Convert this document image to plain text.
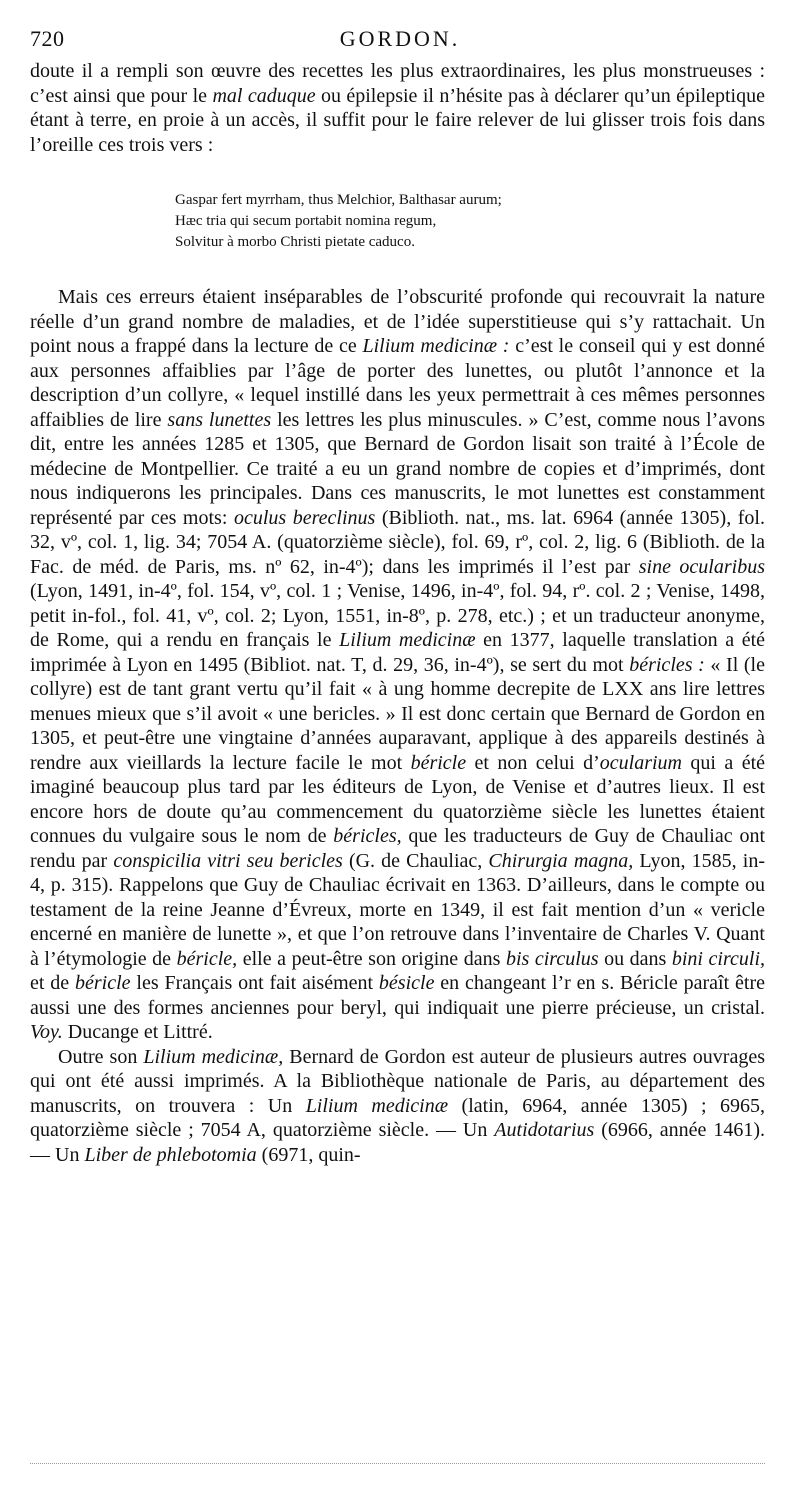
720	GORDON.

doute il a rempli son œuvre des recettes les plus extraordinaires, les plus monstrueuses : c’est ainsi que pour le mal caduque ou épilepsie il n’hésite pas à déclarer qu’un épileptique étant à terre, en proie à un accès, il suffit pour le faire relever de lui glisser trois fois dans l’oreille ces trois vers :

Gaspar fert myrrham, thus Melchior, Balthasar aurum;
Hæc tria qui secum portabit nomina regum,
Solvitur à morbo Christi pietate caduco.

Mais ces erreurs étaient inséparables de l’obscurité profonde qui recouvrait la nature réelle d’un grand nombre de maladies, et de l’idée superstitieuse qui s’y rattachait. Un point nous a frappé dans la lecture de ce Lilium medicinæ : c’est le conseil qui y est donné aux personnes affaiblies par l’âge de porter des lunettes, ou plutôt l’annonce et la description d’un collyre, « lequel instillé dans les yeux permettrait à ces mêmes personnes affaiblies de lire sans lunettes les lettres les plus minuscules. » C’est, comme nous l’avons dit, entre les années 1285 et 1305, que Bernard de Gordon lisait son traité à l’École de médecine de Montpellier. Ce traité a eu un grand nombre de copies et d’imprimés, dont nous indiquerons les principales. Dans ces manuscrits, le mot lunettes est constamment représenté par ces mots: oculus bereclinus (Biblioth. nat., ms. lat. 6964 (année 1305), fol. 32, vº, col. 1, lig. 34; 7054 A. (quatorzième siècle), fol. 69, rº, col. 2, lig. 6 (Biblioth. de la Fac. de méd. de Paris, ms. nº 62, in-4º); dans les imprimés il l’est par sine ocularibus (Lyon, 1491, in-4º, fol. 154, vº, col. 1 ; Venise, 1496, in-4º, fol. 94, rº. col. 2 ; Venise, 1498, petit in-fol., fol. 41, vº, col. 2; Lyon, 1551, in-8º, p. 278, etc.) ; et un traducteur anonyme, de Rome, qui a rendu en français le Lilium medicinæ en 1377, laquelle translation a été imprimée à Lyon en 1495 (Bibliot. nat. T, d. 29, 36, in-4º), se sert du mot béricles : « Il (le collyre) est de tant grant vertu qu’il fait « à ung homme decrepite de LXX ans lire lettres menues mieux que s’il avoit « une bericles. » Il est donc certain que Bernard de Gordon en 1305, et peut-être une vingtaine d’années auparavant, applique à des appareils destinés à rendre aux vieillards la lecture facile le mot béricle et non celui d’ocularium qui a été imaginé beaucoup plus tard par les éditeurs de Lyon, de Venise et d’autres lieux. Il est encore hors de doute qu’au commencement du quatorzième siècle les lunettes étaient connues du vulgaire sous le nom de béricles, que les traducteurs de Guy de Chauliac ont rendu par conspicilia vitri seu bericles (G. de Chauliac, Chirurgia magna, Lyon, 1585, in-4, p. 315). Rappelons que Guy de Chauliac écrivait en 1363. D’ailleurs, dans le compte ou testament de la reine Jeanne d’Évreux, morte en 1349, il est fait mention d’un « vericle encerné en manière de lunette », et que l’on retrouve dans l’inventaire de Charles V. Quant à l’étymologie de béricle, elle a peut-être son origine dans bis circulus ou dans bini circuli, et de béricle les Français ont fait aisément bésicle en changeant l’r en s. Béricle paraît être aussi une des formes anciennes pour beryl, qui indiquait une pierre précieuse, un cristal. Voy. Ducange et Littré.

Outre son Lilium medicinæ, Bernard de Gordon est auteur de plusieurs autres ouvrages qui ont été aussi imprimés. A la Bibliothèque nationale de Paris, au département des manuscrits, on trouvera : Un Lilium medicinæ (latin, 6964, année 1305) ; 6965, quatorzième siècle ; 7054 A, quatorzième siècle. — Un Autidotarius (6966, année 1461). — Un Liber de phlebotomia (6971, quin-
